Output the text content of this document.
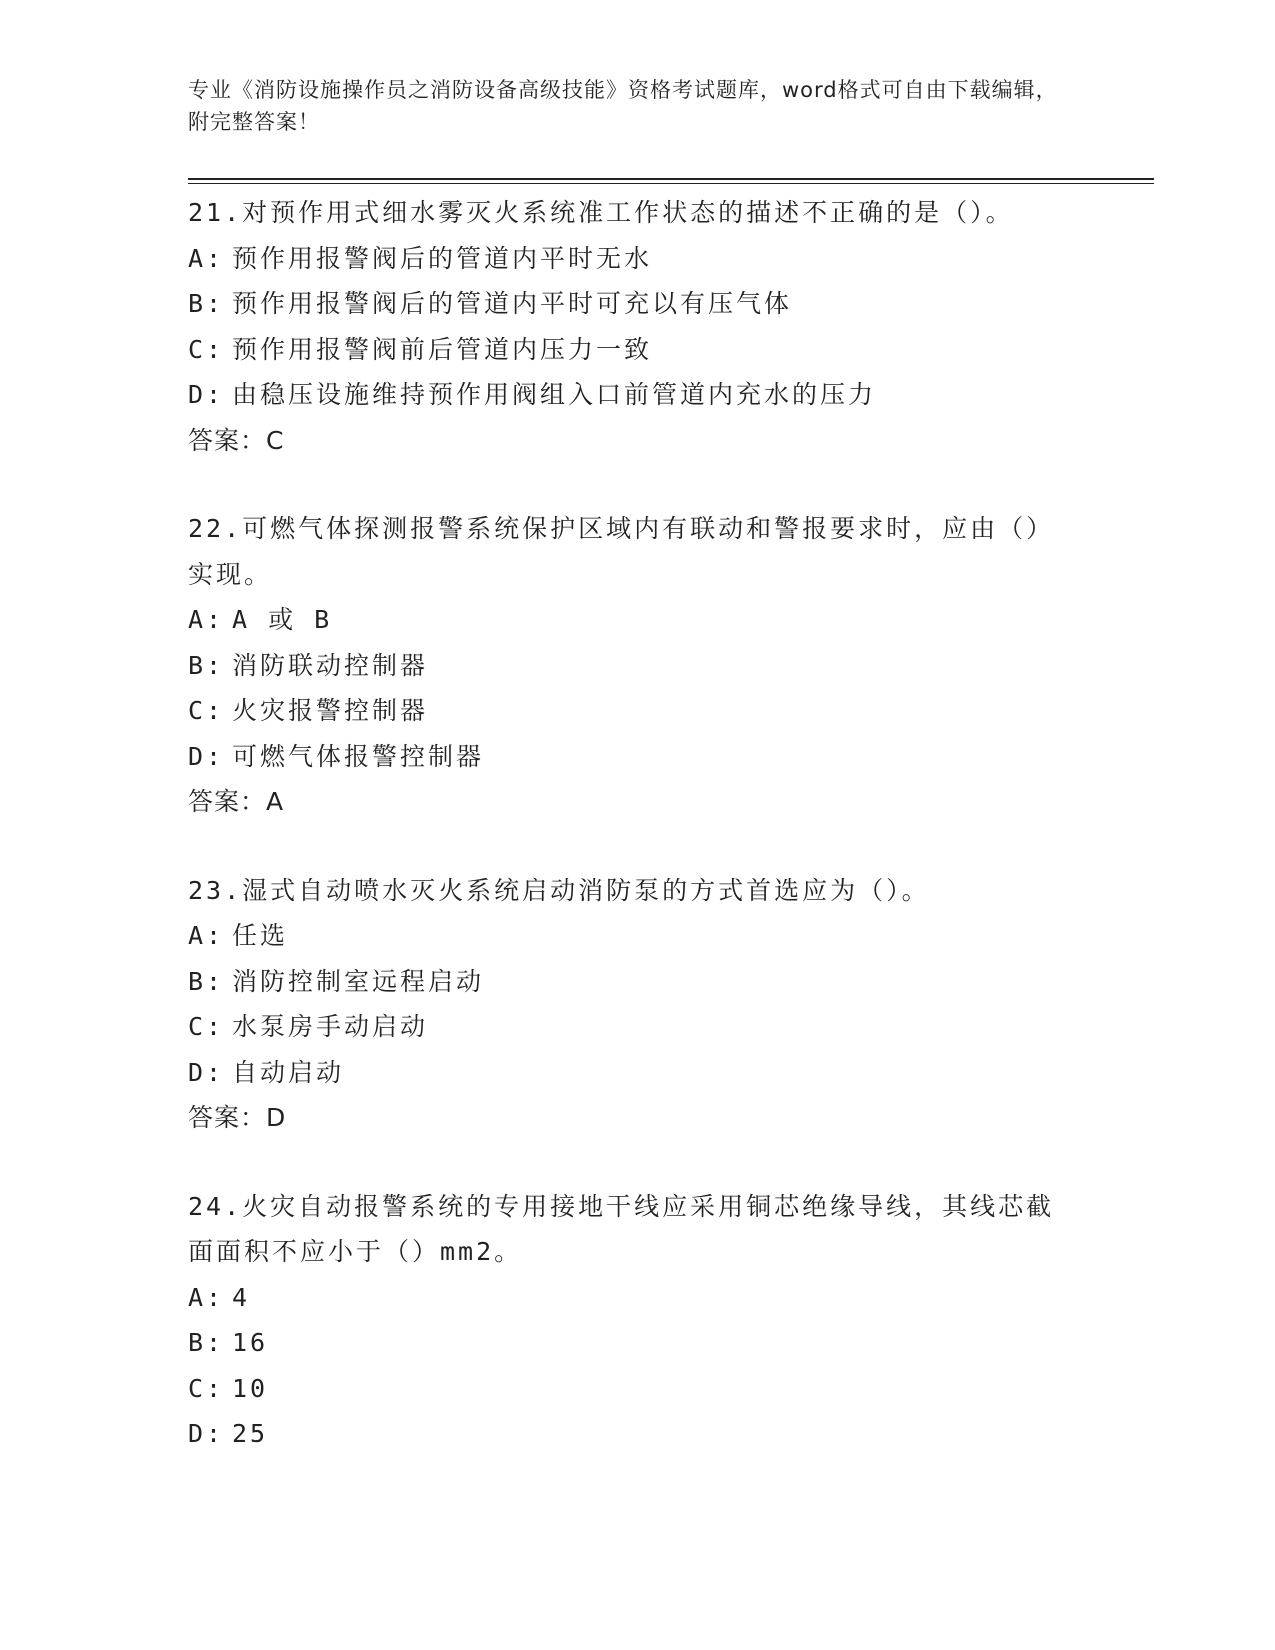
专业《消防设施操作员之消防设备高级技能》资格考试题库，word格式可自由下载编辑，附完整答案！
21.对预作用式细水雾灭火系统准工作状态的描述不正确的是（）。
A: 预作用报警阀后的管道内平时无水
B: 预作用报警阀后的管道内平时可充以有压气体
C: 预作用报警阀前后管道内压力一致
D: 由稳压设施维持预作用阀组入口前管道内充水的压力
答案：C
22.可燃气体探测报警系统保护区域内有联动和警报要求时，应由（）实现。
A: A 或 B
B: 消防联动控制器
C: 火灾报警控制器
D: 可燃气体报警控制器
答案：A
23.湿式自动喷水灭火系统启动消防泵的方式首选应为（）。
A: 任选
B: 消防控制室远程启动
C: 水泵房手动启动
D: 自动启动
答案：D
24.火灾自动报警系统的专用接地干线应采用铜芯绝缘导线，其线芯截面面积不应小于（）mm2。
A: 4
B: 16
C: 10
D: 25
